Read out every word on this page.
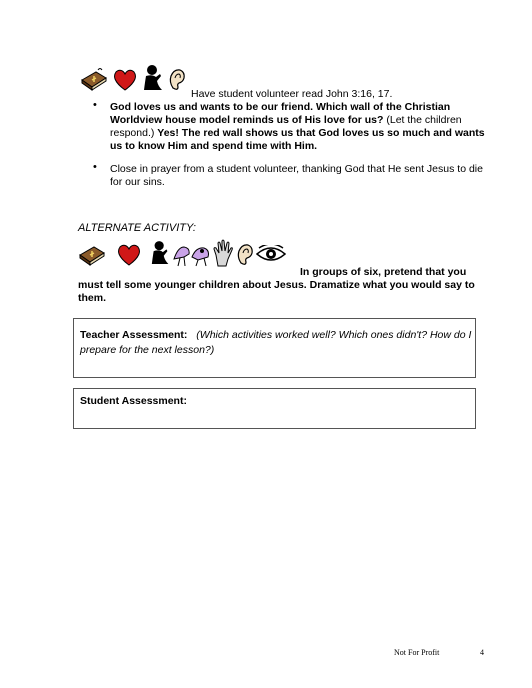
Have student volunteer read John 3:16, 17.
• God loves us and wants to be our friend. Which wall of the Christian
Worldview house model reminds us of His love for us? (Let the children
respond.) Yes! The red wall shows us that God loves us so much and wants
us to know Him and spend time with Him.
• Close in prayer from a student volunteer, thanking God that He sent Jesus to die
for our sins.
ALTERNATE ACTIVITY:
In groups of six, pretend that you
must tell some younger children about Jesus. Dramatize what you would say to
them.
Teacher Assessment: (Which activities worked well? Which ones didn't? How do I
prepare for the next lesson?)
Student Assessment:
Not For Profit	4
